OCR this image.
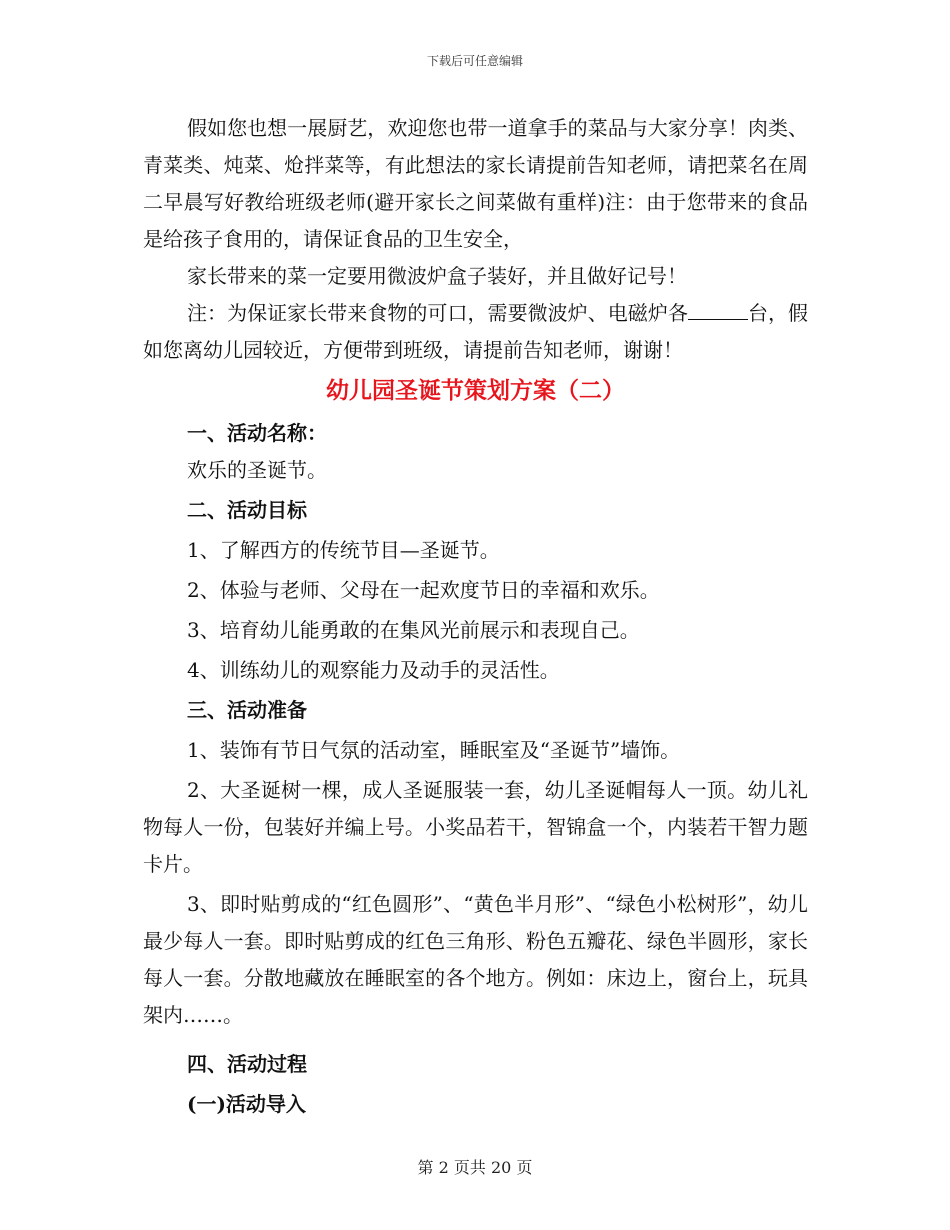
下载后可任意编辑

假如您也想一展厨艺，欢迎您也带一道拿手的菜品与大家分享！肉类、青菜类、炖菜、炝拌菜等，有此想法的家长请提前告知老师，请把菜名在周二早晨写好教给班级老师(避开家长之间菜做有重样)注：由于您带来的食品是给孩子食用的，请保证食品的卫生安全，

家长带来的菜一定要用微波炉盒子装好，并且做好记号！

注：为保证家长带来食物的可口，需要微波炉、电磁炉各	台，假如您离幼儿园较近，方便带到班级，请提前告知老师，谢谢！

幼儿园圣诞节策划方案（二）

一、活动名称：

欢乐的圣诞节。

二、活动目标

1、了解西方的传统节目—圣诞节。

2、体验与老师、父母在一起欢度节日的幸福和欢乐。

3、培育幼儿能勇敢的在集风光前展示和表现自己。

4、训练幼儿的观察能力及动手的灵活性。

三、活动准备

1、装饰有节日气氛的活动室，睡眠室及“圣诞节”墙饰。

2、大圣诞树一棵，成人圣诞服装一套，幼儿圣诞帽每人一顶。幼儿礼物每人一份，包装好并编上号。小奖品若干，智锦盒一个，内装若干智力题卡片。

3、即时贴剪成的“红色圆形”、“黄色半月形”、“绿色小松树形”，幼儿最少每人一套。即时贴剪成的红色三角形、粉色五瓣花、绿色半圆形，家长每人一套。分散地藏放在睡眠室的各个地方。例如：床边上，窗台上，玩具架内……。

四、活动过程

(一)活动导入

第 2 页共 20 页
